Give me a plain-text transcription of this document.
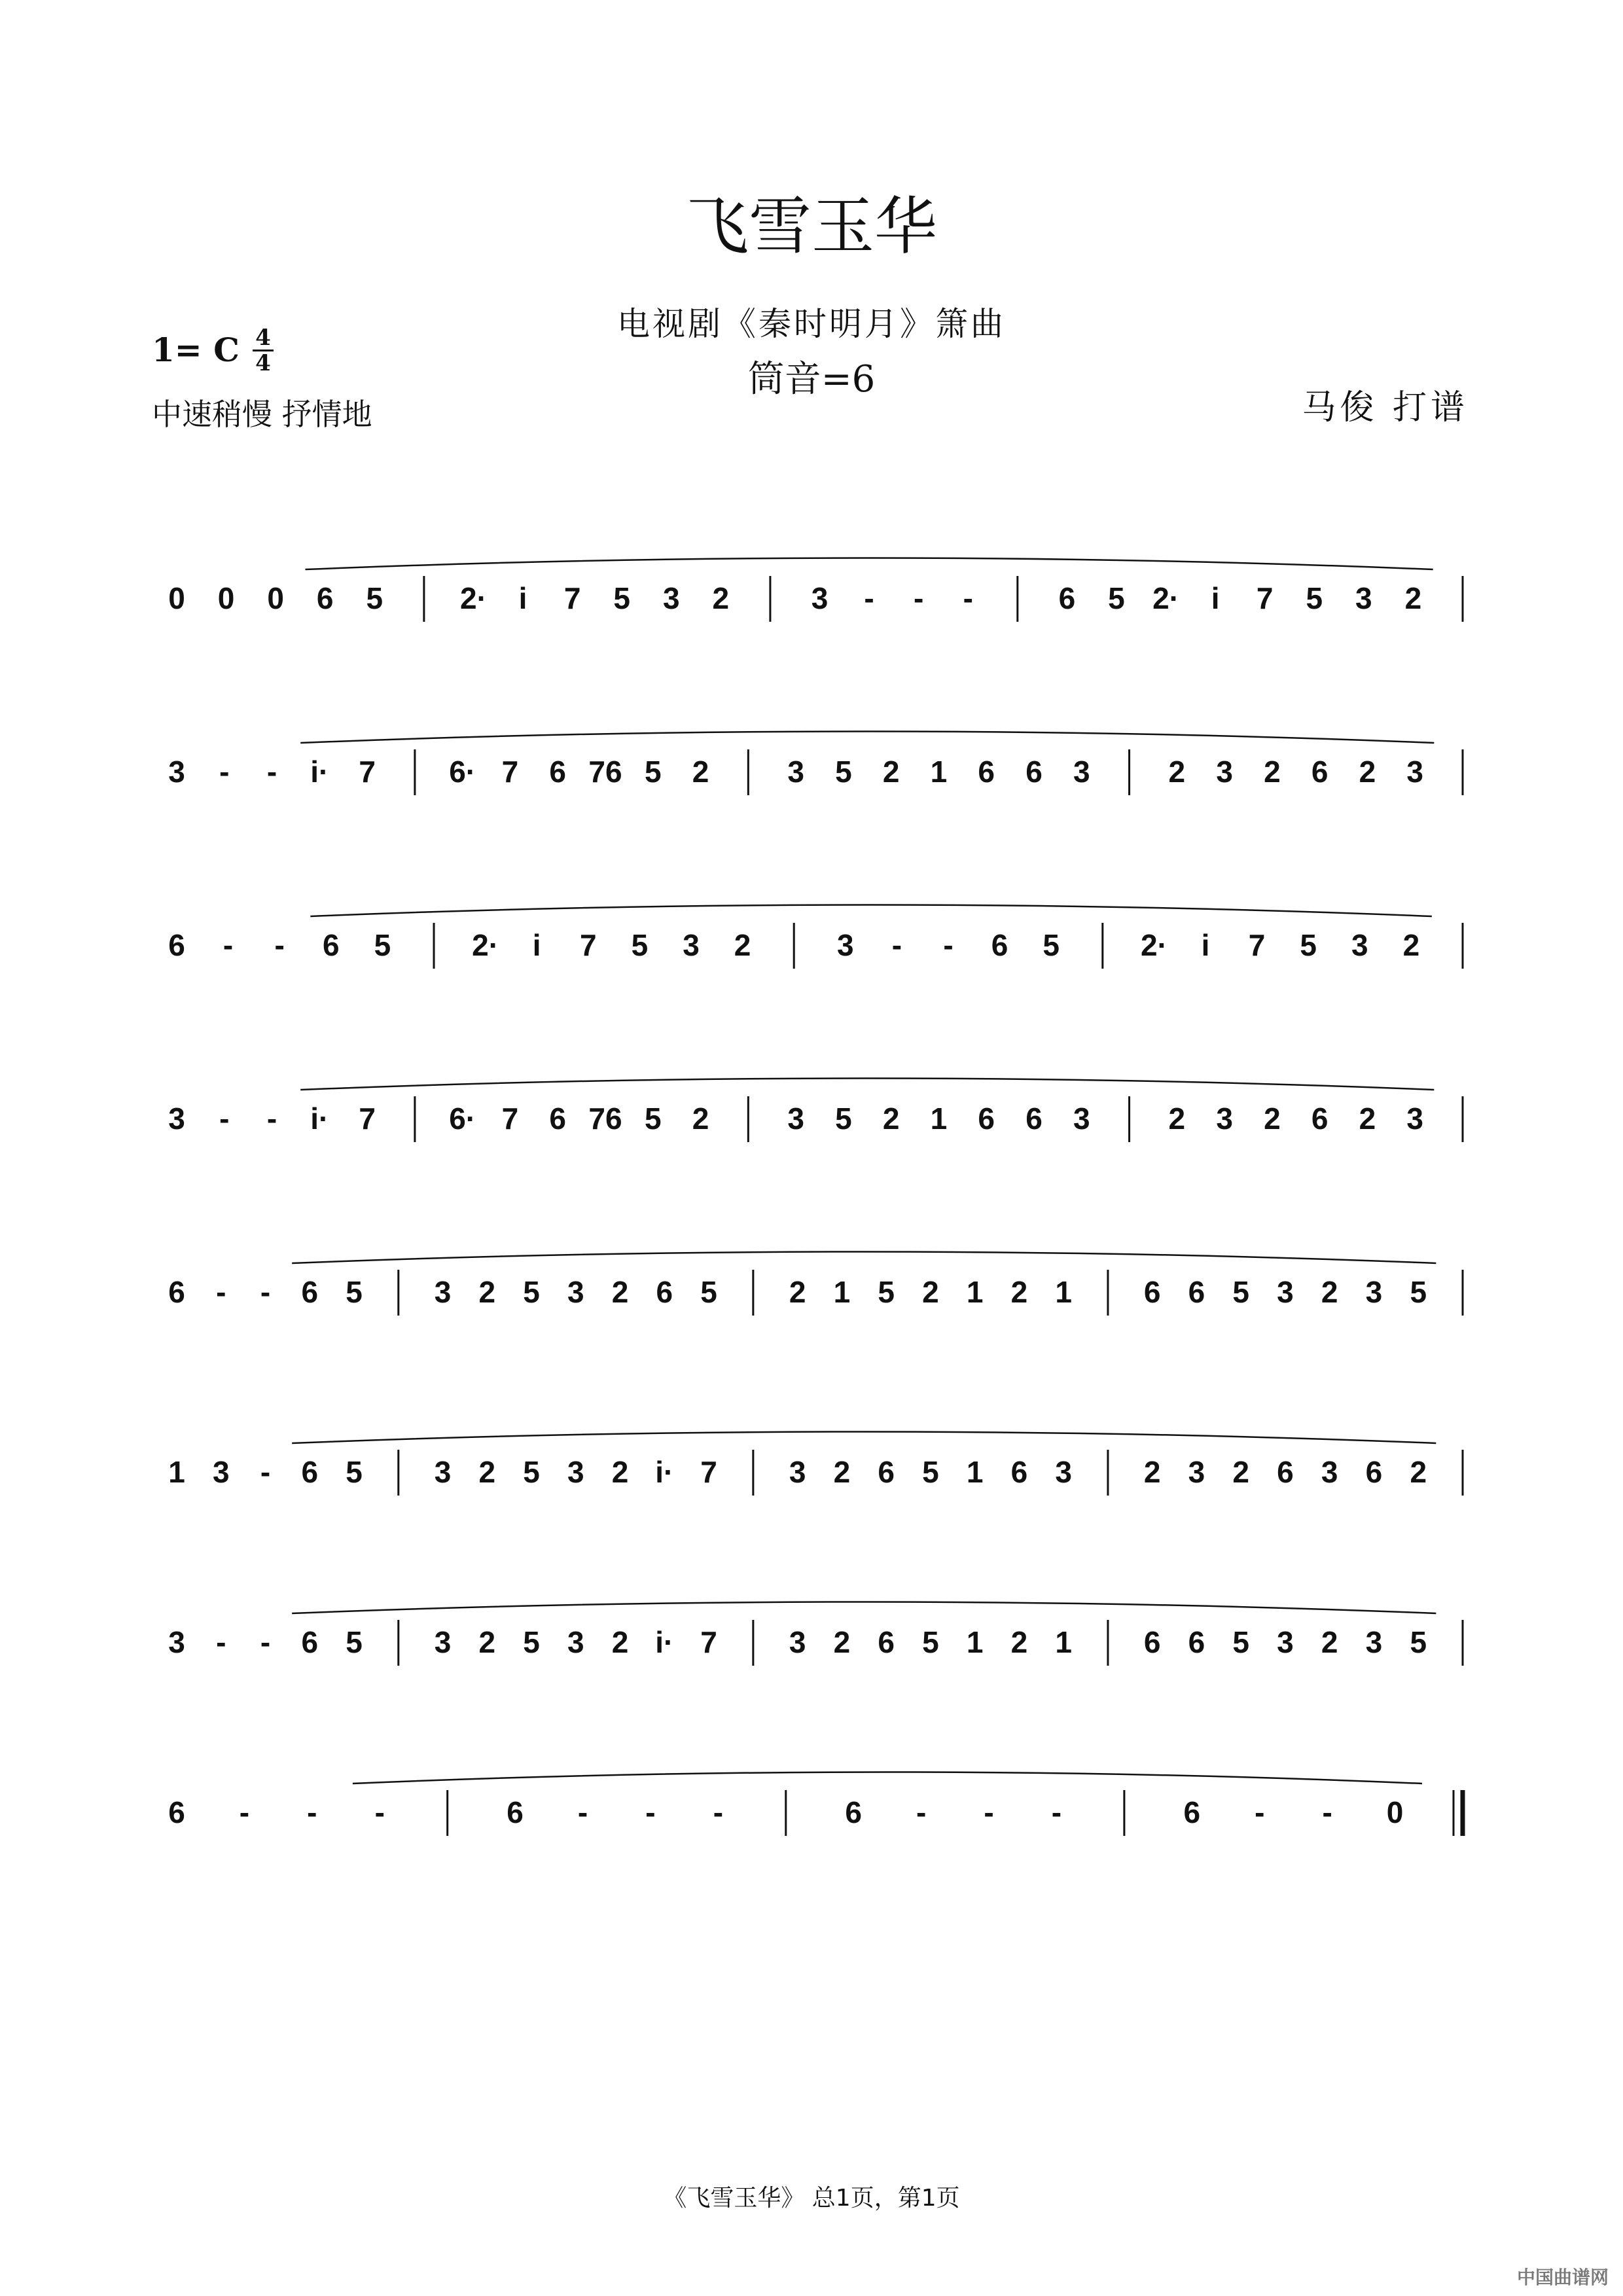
飞雪玉华
电视剧《秦时明月》箫曲
筒音=6
1= C 4
4
中速稍慢 抒情地	马俊 打谱
0 0 0 6 5	2· i 7 5 3 2	3 - - -	6 5 2· i 7 5 3 2
3 - - i· 7 6· 7 6 76 5 2	3 5 2 1 6 6 3	2 3 2 6 2 3
6 - - 6 5	2· i 7 5 3 2	3 - - 6 5	2· i 7 5 3 2
3 - - i· 7 6· 7 6 76 5 2	3 5 2 1 6 6 3	2 3 2 6 2 3
6 - - 6 5 3 2 5 3 2 6 5 2 1 5 2 1 2 1 6 6 5 3 2 3 5
1 3 - 6 5 3 2 5 3 2 i· 7 3 2 6 5 1 6 3 2 3 2 6 3 6 2
3 - - 6 5 3 2 5 3 2 i· 7 3 2 6 5 1 2 1 6 6 5 3 2 3 5
6 - - -	6 - - -	6 - - -	6 - - 0
《飞雪玉华》 总1页，第1页
中国曲谱网
